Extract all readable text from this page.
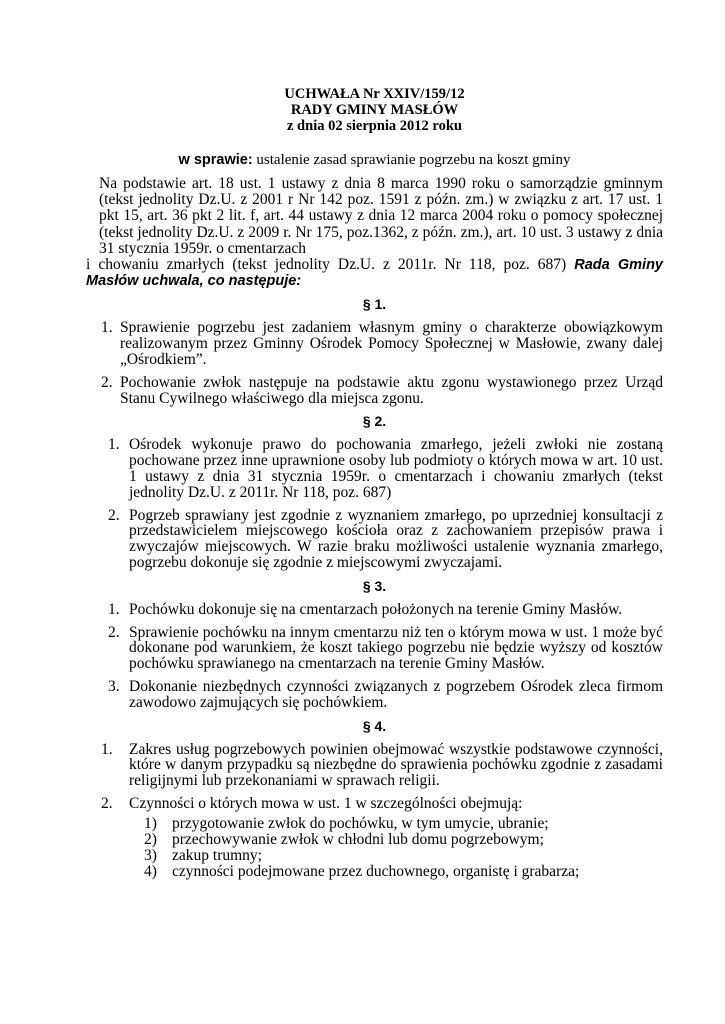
UCHWAŁA Nr XXIV/159/12
RADY GMINY MASŁÓW
z dnia 02 sierpnia 2012 roku
w sprawie: ustalenie zasad sprawianie pogrzebu na koszt gminy
Na podstawie art. 18 ust. 1 ustawy z dnia 8 marca 1990 roku o samorządzie gminnym (tekst jednolity Dz.U. z 2001 r Nr 142 poz. 1591 z późn. zm.) w związku z art. 17 ust. 1 pkt 15, art. 36 pkt 2 lit. f, art. 44 ustawy z dnia 12 marca 2004 roku o pomocy społecznej (tekst jednolity Dz.U. z 2009 r. Nr 175, poz.1362, z późn. zm.), art. 10 ust. 3 ustawy z dnia 31 stycznia 1959r. o cmentarzach
i chowaniu zmarłych (tekst jednolity Dz.U. z 2011r. Nr 118, poz. 687) Rada Gminy Masłów uchwala, co następuje:
§ 1.
1. Sprawienie pogrzebu jest zadaniem własnym gminy o charakterze obowiązkowym realizowanym przez Gminny Ośrodek Pomocy Społecznej w Masłowie, zwany dalej „Ośrodkiem”.
2. Pochowanie zwłok następuje na podstawie aktu zgonu wystawionego przez Urząd Stanu Cywilnego właściwego dla miejsca zgonu.
§ 2.
1. Ośrodek wykonuje prawo do pochowania zmarłego, jeżeli zwłoki nie zostaną pochowane przez inne uprawnione osoby lub podmioty o których mowa w art. 10 ust. 1 ustawy z dnia 31 stycznia 1959r. o cmentarzach i chowaniu zmarłych (tekst jednolity Dz.U. z 2011r. Nr 118, poz. 687)
2. Pogrzeb sprawiany jest zgodnie z wyznaniem zmarłego, po uprzedniej konsultacji z przedstawicielem miejscowego kościoła oraz z zachowaniem przepisów prawa i zwyczajów miejscowych. W razie braku możliwości ustalenie wyznania zmarłego, pogrzebu dokonuje się zgodnie z miejscowymi zwyczajami.
§ 3.
1. Pochówku dokonuje się na cmentarzach położonych na terenie Gminy Masłów.
2. Sprawienie pochówku na innym cmentarzu niż ten o którym mowa w ust. 1 może być dokonane pod warunkiem, że koszt takiego pogrzebu nie będzie wyższy od kosztów pochówku sprawianego na cmentarzach na terenie Gminy Masłów.
3. Dokonanie niezbędnych czynności związanych z pogrzebem Ośrodek zleca firmom zawodowo zajmujących się pochówkiem.
§ 4.
1. Zakres usług pogrzebowych powinien obejmować wszystkie podstawowe czynności, które w danym przypadku są niezbędne do sprawienia pochówku zgodnie z zasadami religijnymi lub przekonaniami w sprawach religii.
2. Czynności o których mowa w ust. 1 w szczególności obejmują:
1) przygotowanie zwłok do pochówku, w tym umycie, ubranie;
2) przechowywanie zwłok w chłodni lub domu pogrzebowym;
3) zakup trumny;
4) czynności podejmowane przez duchownego, organistę i grabarza;
